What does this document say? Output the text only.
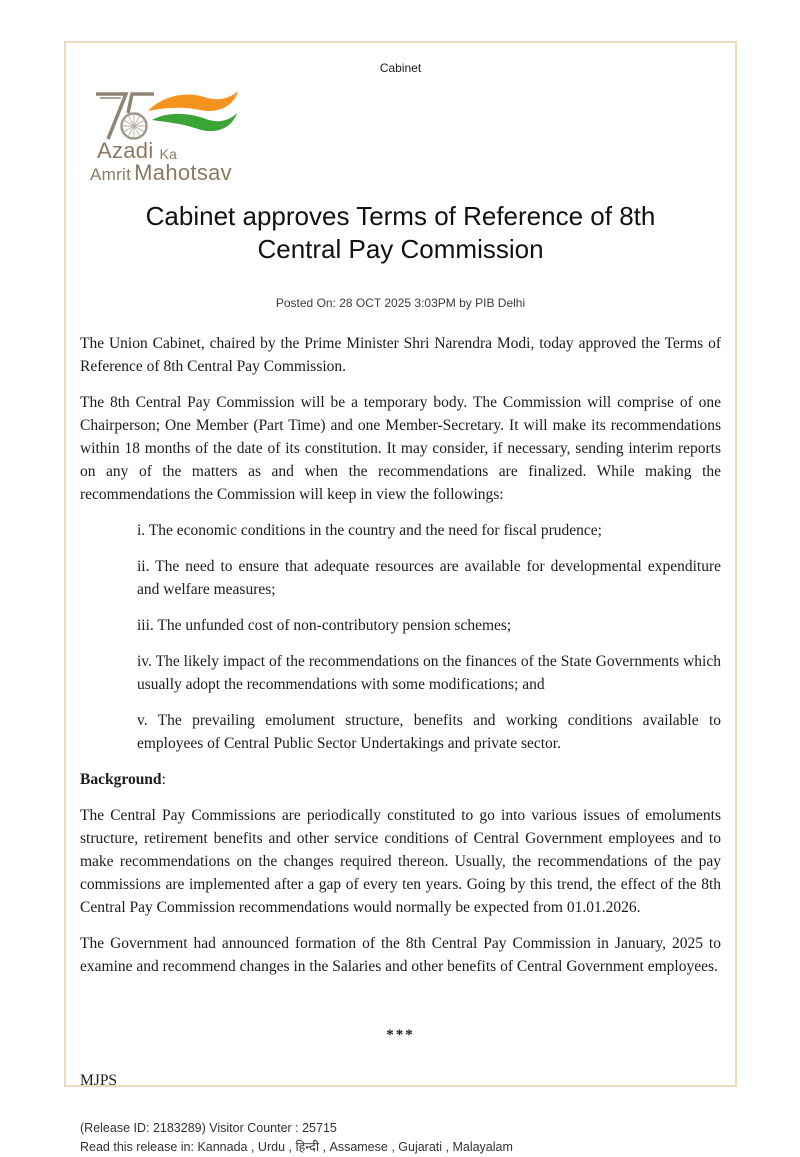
Cabinet
Azadi Ka
Amrit Mahotsav
Cabinet approves Terms of Reference of 8th Central Pay Commission
Posted On: 28 OCT 2025 3:03PM by PIB Delhi

The Union Cabinet, chaired by the Prime Minister Shri Narendra Modi, today approved the Terms of Reference of 8th Central Pay Commission.

The 8th Central Pay Commission will be a temporary body. The Commission will comprise of one Chairperson; One Member (Part Time) and one Member-Secretary. It will make its recommendations within 18 months of the date of its constitution. It may consider, if necessary, sending interim reports on any of the matters as and when the recommendations are finalized. While making the recommendations the Commission will keep in view the followings:

i. The economic conditions in the country and the need for fiscal prudence;

ii. The need to ensure that adequate resources are available for developmental expenditure and welfare measures;

iii. The unfunded cost of non-contributory pension schemes;

iv. The likely impact of the recommendations on the finances of the State Governments which usually adopt the recommendations with some modifications; and

v. The prevailing emolument structure, benefits and working conditions available to employees of Central Public Sector Undertakings and private sector.

Background:

The Central Pay Commissions are periodically constituted to go into various issues of emoluments structure, retirement benefits and other service conditions of Central Government employees and to make recommendations on the changes required thereon. Usually, the recommendations of the pay commissions are implemented after a gap of every ten years. Going by this trend, the effect of the 8th Central Pay Commission recommendations would normally be expected from 01.01.2026.

The Government had announced formation of the 8th Central Pay Commission in January, 2025 to examine and recommend changes in the Salaries and other benefits of Central Government employees.

***
MJPS
(Release ID: 2183289) Visitor Counter : 25715
Read this release in: Kannada , Urdu , हिन्दी , Assamese , Gujarati , Malayalam
